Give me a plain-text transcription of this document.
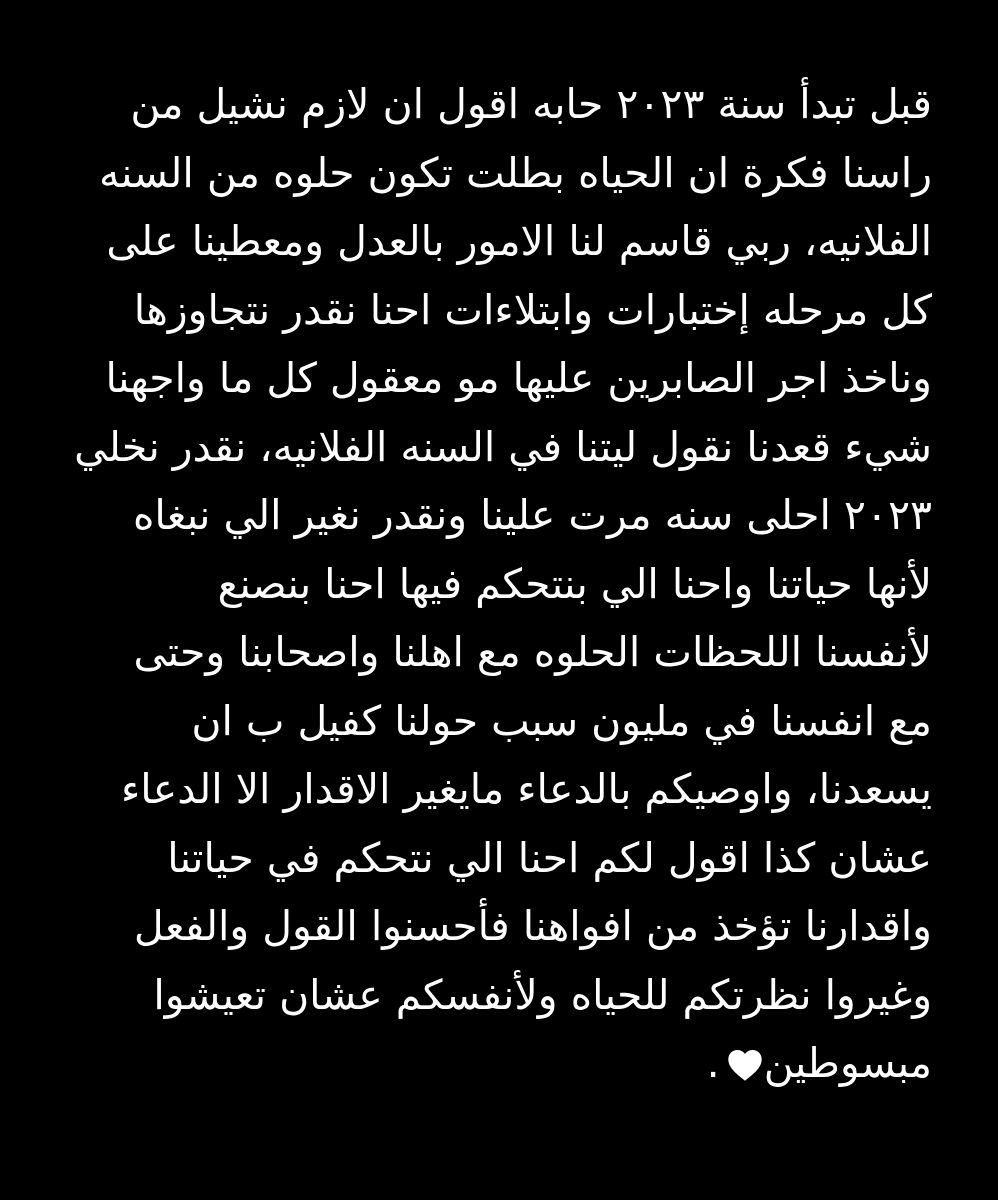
قبل تبدأ سنة ٢٠٢٣ حابه اقول ان لازم نشيل من
راسنا فكرة ان الحياه بطلت تكون حلوه من السنه
الفلانيه، ربي قاسم لنا الامور بالعدل ومعطينا على
كل مرحله إختبارات وابتلاءات احنا نقدر نتجاوزها
وناخذ اجر الصابرين عليها مو معقول كل ما واجهنا
شيء قعدنا نقول ليتنا في السنه الفلانيه، نقدر نخلي
٢٠٢٣ احلى سنه مرت علينا ونقدر نغير الي نبغاه
لأنها حياتنا واحنا الي بنتحكم فيها احنا بنصنع
لأنفسنا اللحظات الحلوه مع اهلنا واصحابنا وحتى
مع انفسنا في مليون سبب حولنا كفيل ب ان
يسعدنا، واوصيكم بالدعاء مايغير الاقدار الا الدعاء
عشان كذا اقول لكم احنا الي نتحكم في حياتنا
واقدارنا تؤخذ من افواهنا فأحسنوا القول والفعل
وغيروا نظرتكم للحياه ولأنفسكم عشان تعيشوا
مبسوطين.
